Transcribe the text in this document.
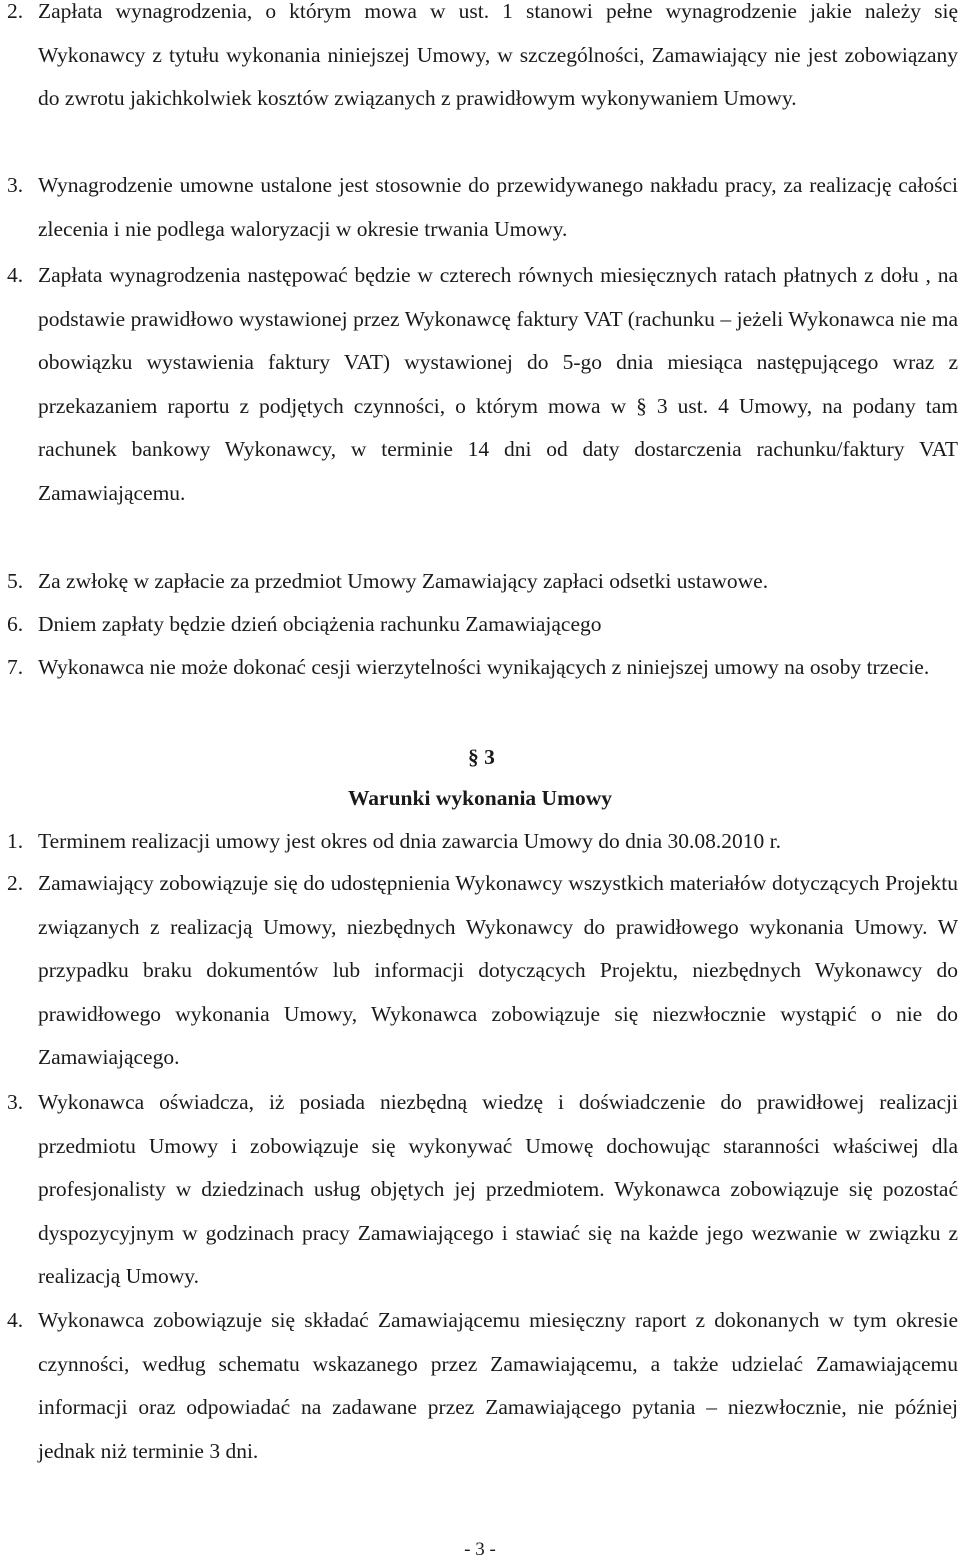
2. Zapłata wynagrodzenia, o którym mowa w ust. 1 stanowi pełne wynagrodzenie jakie należy się Wykonawcy z tytułu wykonania niniejszej Umowy, w szczególności, Zamawiający nie jest zobowiązany do zwrotu jakichkolwiek kosztów związanych z prawidłowym wykonywaniem Umowy.
3. Wynagrodzenie umowne ustalone jest stosownie do przewidywanego nakładu pracy, za realizację całości zlecenia i nie podlega waloryzacji w okresie trwania Umowy.
4. Zapłata wynagrodzenia następować będzie w czterech równych miesięcznych ratach płatnych z dołu , na podstawie prawidłowo wystawionej przez Wykonawcę faktury VAT (rachunku – jeżeli Wykonawca nie ma obowiązku wystawienia faktury VAT) wystawionej do 5-go dnia miesiąca następującego wraz z przekazaniem raportu z podjętych czynności, o którym mowa w § 3 ust. 4 Umowy, na podany tam rachunek bankowy Wykonawcy, w terminie 14 dni od daty dostarczenia rachunku/faktury VAT Zamawiającemu.
5. Za zwłokę w zapłacie za przedmiot Umowy Zamawiający zapłaci odsetki ustawowe.
6. Dniem zapłaty będzie dzień obciążenia rachunku Zamawiającego
7. Wykonawca nie może dokonać cesji wierzytelności wynikających z niniejszej umowy na osoby trzecie.
§ 3
Warunki wykonania Umowy
1. Terminem realizacji umowy jest okres od dnia zawarcia Umowy do dnia 30.08.2010 r.
2. Zamawiający zobowiązuje się do udostępnienia Wykonawcy wszystkich materiałów dotyczących Projektu związanych z realizacją Umowy, niezbędnych Wykonawcy do prawidłowego wykonania Umowy. W przypadku braku dokumentów lub informacji dotyczących Projektu, niezbędnych Wykonawcy do prawidłowego wykonania Umowy, Wykonawca zobowiązuje się niezwłocznie wystąpić o nie do Zamawiającego.
3. Wykonawca oświadcza, iż posiada niezbędną wiedzę i doświadczenie do prawidłowej realizacji przedmiotu Umowy i zobowiązuje się wykonywać Umowę dochowując staranności właściwej dla profesjonalisty w dziedzinach usług objętych jej przedmiotem. Wykonawca zobowiązuje się pozostać dyspozycyjnym w godzinach pracy Zamawiającego i stawiać się na każde jego wezwanie w związku z realizacją Umowy.
4. Wykonawca zobowiązuje się składać Zamawiającemu miesięczny raport z dokonanych w tym okresie czynności, według schematu wskazanego przez Zamawiającemu, a także udzielać Zamawiającemu informacji oraz odpowiadać na zadawane przez Zamawiającego pytania – niezwłocznie, nie później jednak niż terminie 3 dni.
- 3 -
